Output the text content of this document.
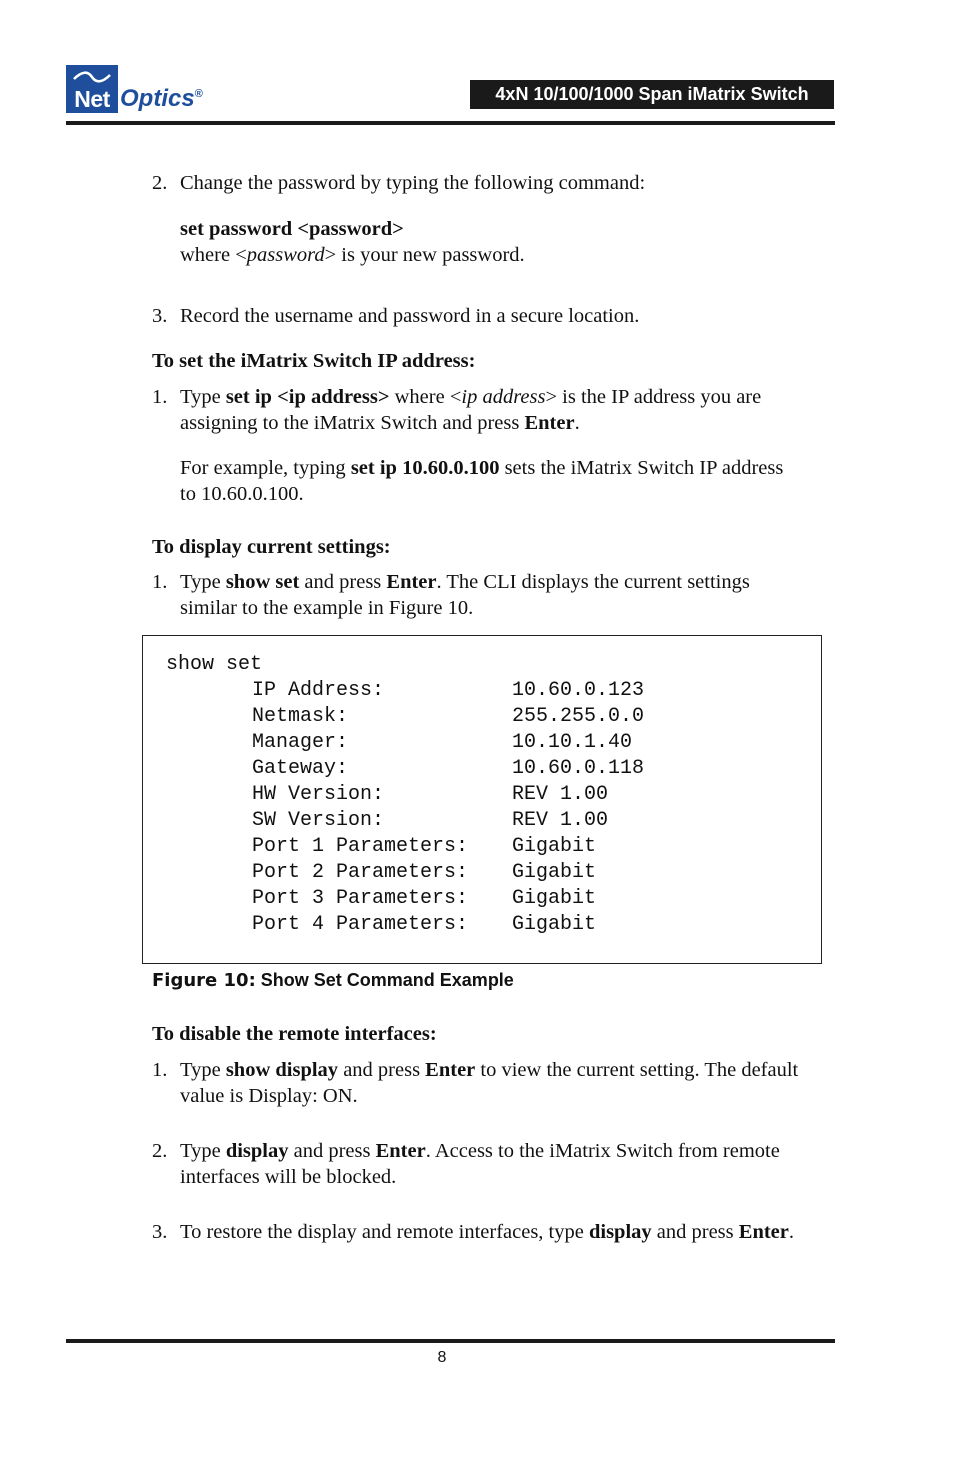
Net Optics®	4xN 10/100/1000 Span iMatrix Switch
2. Change the password by typing the following command:
set password <password>
where <password> is your new password.
3. Record the username and password in a secure location.
To set the iMatrix Switch IP address:
1. Type set ip <ip address> where <ip address> is the IP address you are
assigning to the iMatrix Switch and press Enter.
For example, typing set ip 10.60.0.100 sets the iMatrix Switch IP address
to 10.60.0.100.
To display current settings:
1. Type show set and press Enter. The CLI displays the current settings
similar to the example in Figure 10.
show set
IP Address:	10.60.0.123
Netmask:	255.255.0.0
Manager:	10.10.1.40
Gateway:	10.60.0.118
HW Version:	REV 1.00
SW Version:	REV 1.00
Port 1 Parameters: Gigabit
Port 2 Parameters: Gigabit
Port 3 Parameters: Gigabit
Port 4 Parameters: Gigabit
Figure 10: Show Set Command Example
To disable the remote interfaces:
1. Type show display and press Enter to view the current setting. The default
value is Display: ON.
2. Type display and press Enter. Access to the iMatrix Switch from remote
interfaces will be blocked.
3. To restore the display and remote interfaces, type display and press Enter.
8
